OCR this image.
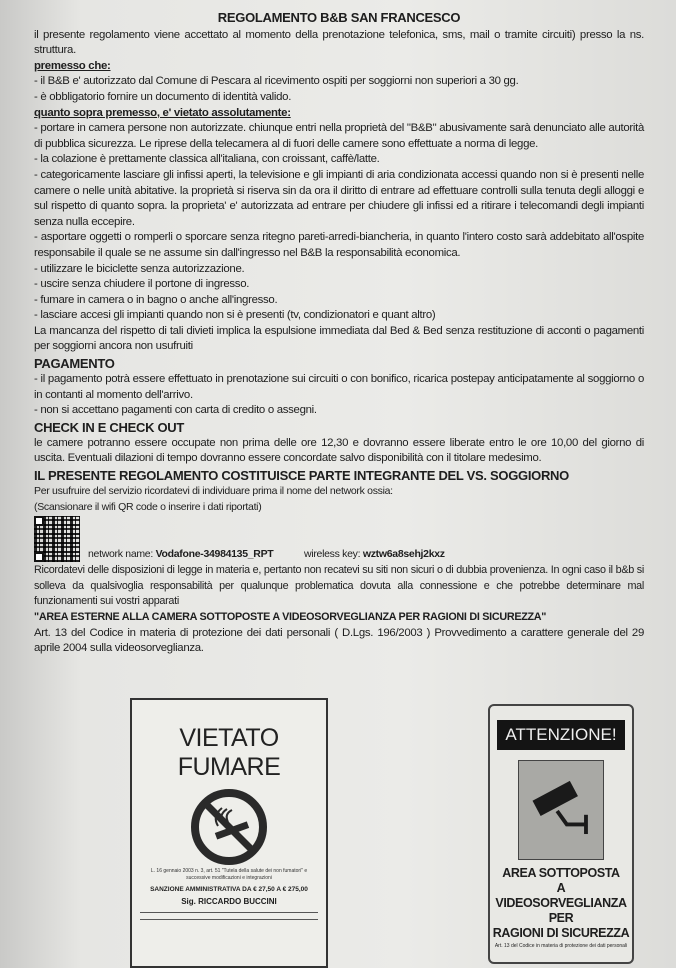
REGOLAMENTO B&B SAN FRANCESCO

il presente regolamento viene accettato al momento della prenotazione telefonica, sms, mail o tramite circuiti) presso la ns. struttura.

premesso che:

- il B&B e' autorizzato dal Comune di Pescara al ricevimento ospiti per soggiorni non superiori a 30 gg.

- è obbligatorio fornire un documento di identità valido.

quanto sopra premesso, e' vietato assolutamente:

- portare in camera persone non autorizzate. chiunque entri nella proprietà del "B&B" abusivamente sarà denunciato alle autorità di pubblica sicurezza. Le riprese della telecamera al di fuori delle camere sono effettuate a norma di legge.

- la colazione è prettamente classica all'italiana, con croissant, caffè/latte.

- categoricamente lasciare gli infissi aperti, la televisione e gli impianti di aria condizionata accessi quando non si è presenti nelle camere o nelle unità abitative. la proprietà si riserva sin da ora il diritto di entrare ad effettuare controlli sulla tenuta degli alloggi e sul rispetto di quanto sopra. la proprieta' e' autorizzata ad entrare per chiudere gli infissi ed a ritirare i telecomandi degli impianti senza nulla eccepire.

- asportare oggetti o romperli o sporcare senza ritegno pareti-arredi-biancheria, in quanto l'intero costo sarà addebitato all'ospite responsabile il quale se ne assume sin dall'ingresso nel B&B la responsabilità economica.

- utilizzare le biciclette senza autorizzazione.

- uscire senza chiudere il portone di ingresso.

- fumare in camera o in bagno o anche all'ingresso.

- lasciare accesi gli impianti quando non si è presenti (tv, condizionatori e quant altro)

La mancanza del rispetto di tali divieti implica la espulsione immediata dal Bed & Bed senza restituzione di acconti o pagamenti per soggiorni ancora non usufruiti

PAGAMENTO

- il pagamento potrà essere effettuato in prenotazione sui circuiti o con bonifico, ricarica postepay anticipatamente al soggiorno o in contanti al momento dell'arrivo.

- non si accettano pagamenti con carta di credito o assegni.

CHECK IN E CHECK OUT

le camere potranno essere occupate non prima delle ore 12,30 e dovranno essere liberate entro le ore 10,00 del giorno di uscita. Eventuali dilazioni di tempo dovranno essere concordate salvo disponibilità con il titolare medesimo.

IL PRESENTE REGOLAMENTO COSTITUISCE PARTE INTEGRANTE DEL VS. SOGGIORNO

Per usufruire del servizio ricordatevi di individuare prima il nome del network ossia:

(Scansionare il wifi QR code o inserire i dati riportati)

network name: Vodafone-34984135_RPT	wireless key: wztw6a8sehj2kxz

Ricordatevi delle disposizioni di legge in materia e, pertanto non recatevi su siti non sicuri o di dubbia provenienza. In ogni caso il b&b si solleva da qualsivoglia responsabilità per qualunque problematica dovuta alla connessione e che potrebbe determinare mal funzionamenti sui vostri apparati

"AREA ESTERNE ALLA CAMERA SOTTOPOSTE A VIDEOSORVEGLIANZA PER RAGIONI DI SICUREZZA"

Art. 13 del Codice in materia di protezione dei dati personali ( D.Lgs. 196/2003 ) Provvedimento a carattere generale del 29 aprile 2004 sulla videosorveglianza.

VIETATO FUMARE
L. 16 gennaio 2003 n. 3, art. 51 "Tutela della salute dei non fumatori" e successive modificazioni e integrazioni
SANZIONE AMMINISTRATIVA DA € 27,50 A € 275,00
Sig. RICCARDO BUCCINI
ATTENZIONE!
AREA SOTTOPOSTA
A VIDEOSORVEGLIANZA
PER
RAGIONI DI SICUREZZA
Art. 13 del Codice in materia di protezione dei dati personali
